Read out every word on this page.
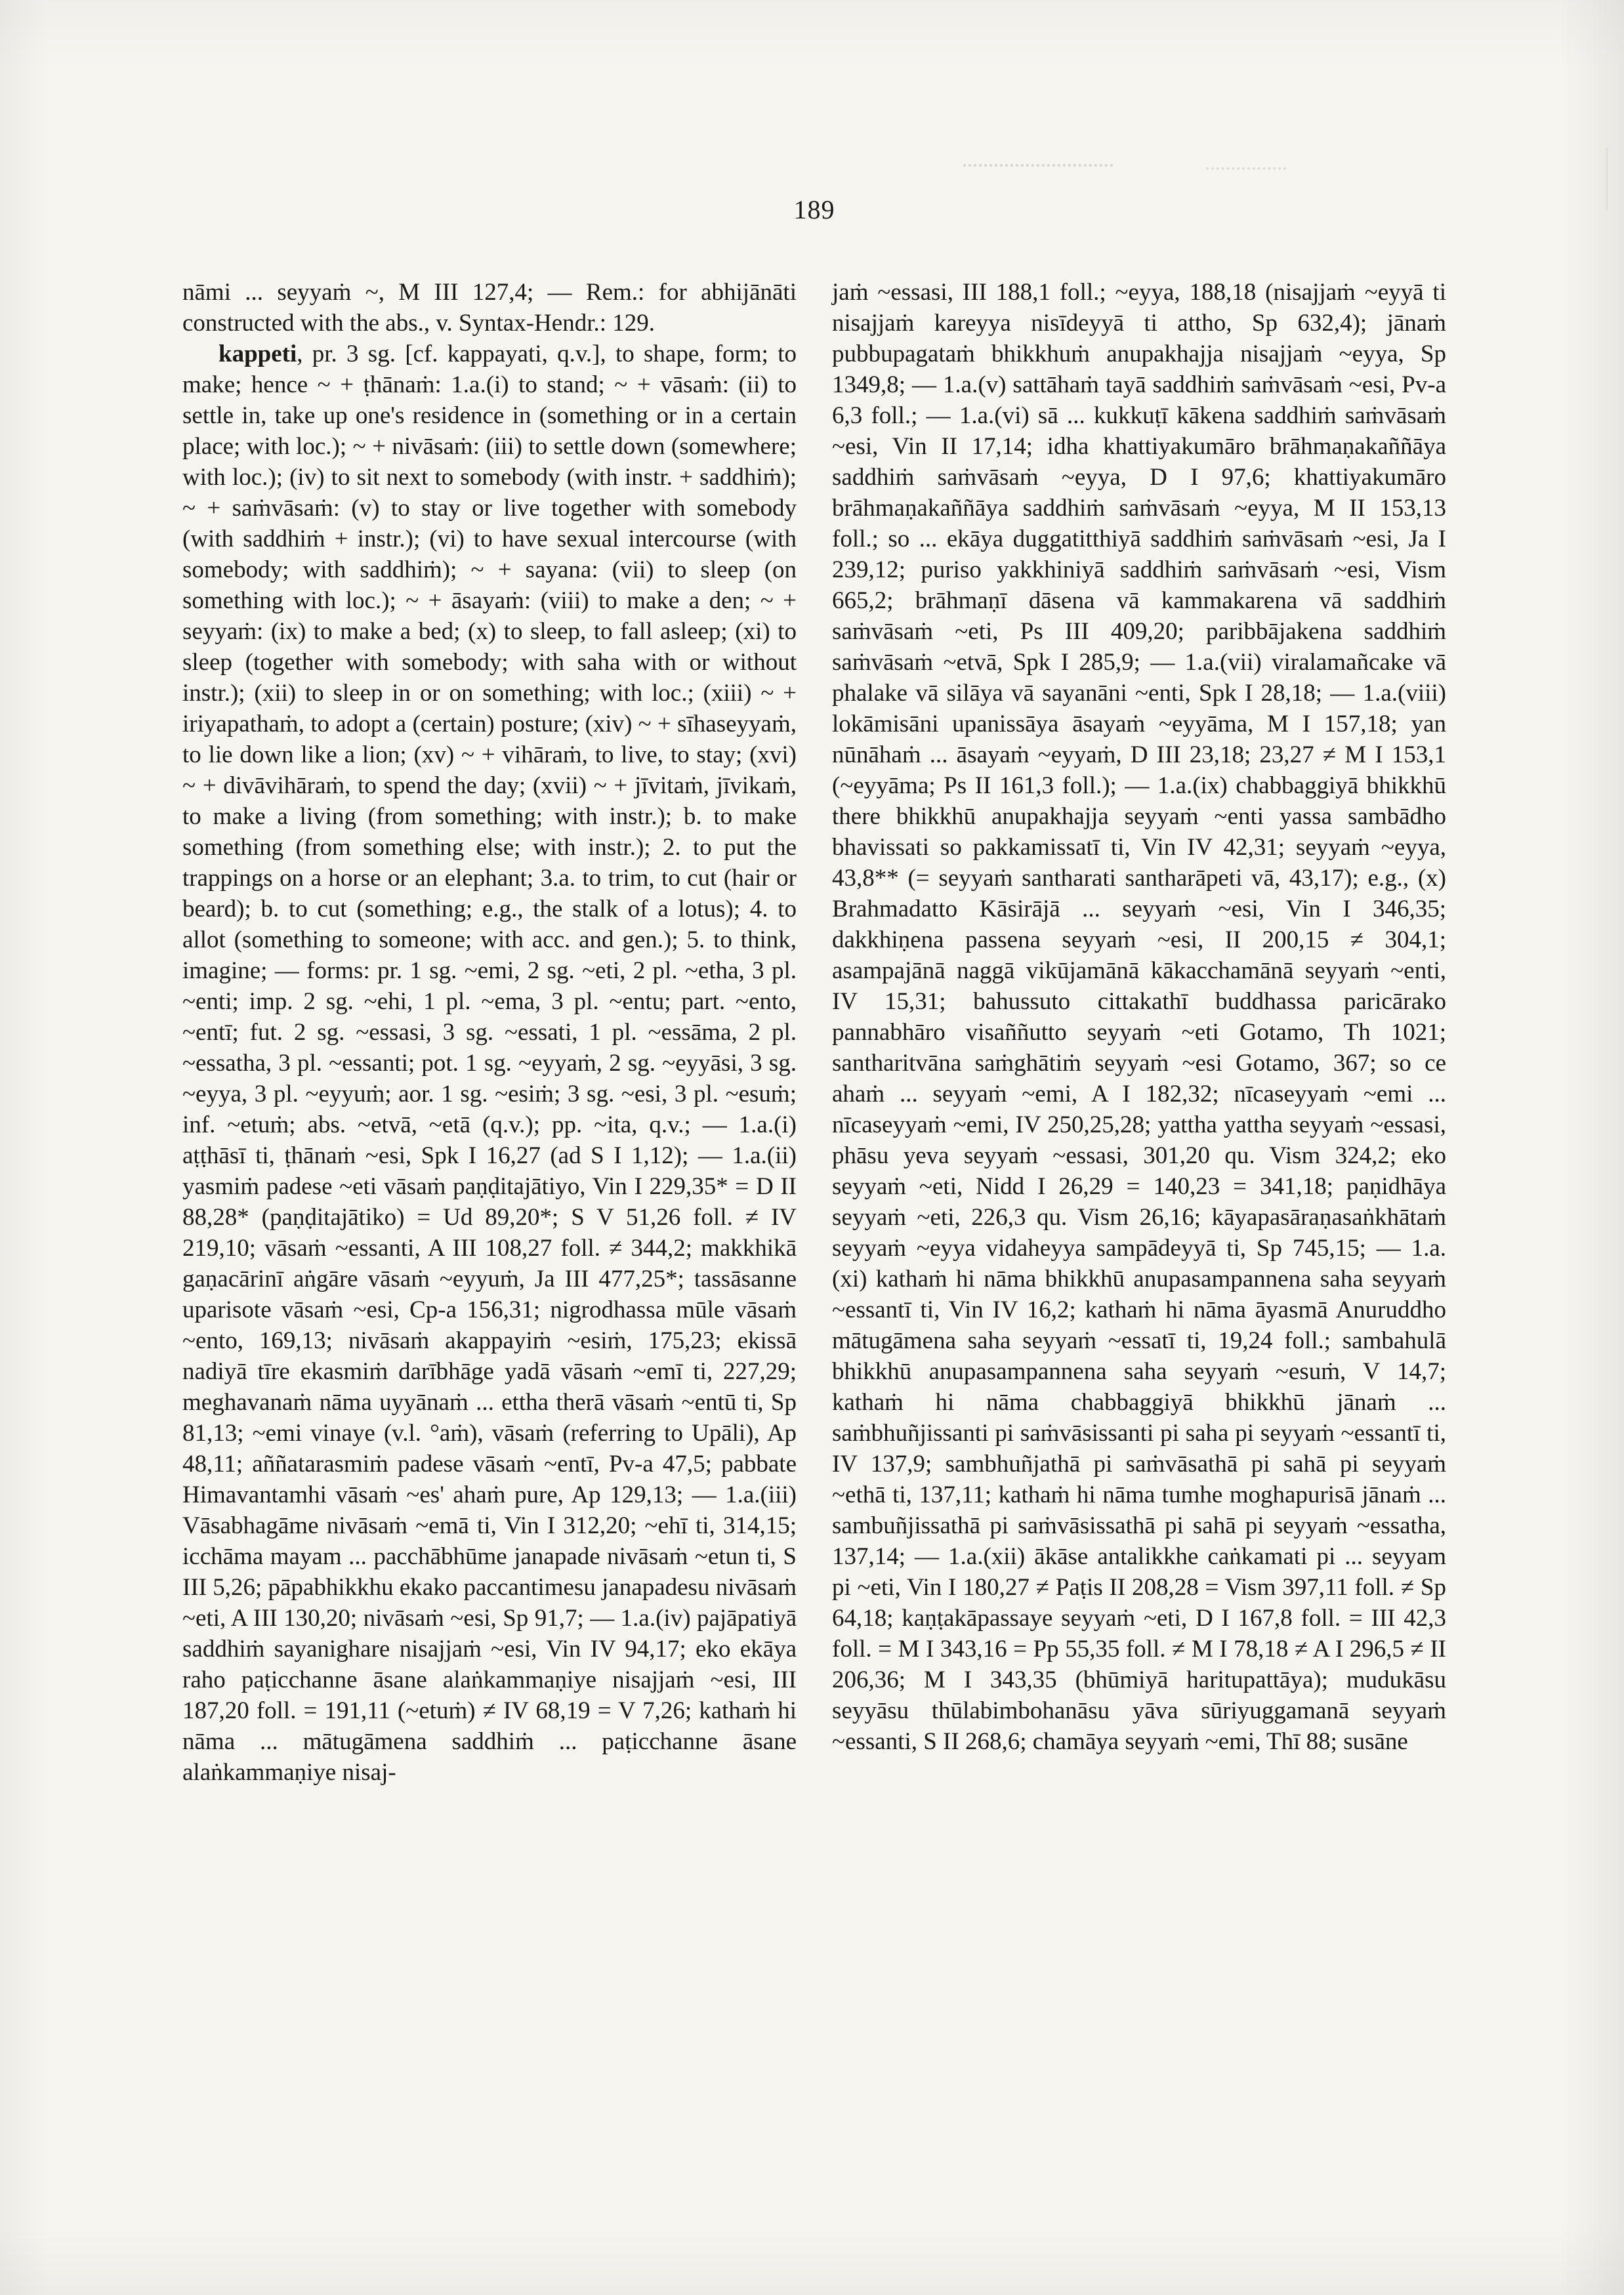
189

nāmi ... seyyaṁ ~, M III 127,4; — Rem.: for abhijānāti constructed with the abs., v. Syntax-Hendr.: 129.

kappeti, pr. 3 sg. [cf. kappayati, q.v.], to shape, form; to make; hence ~ + ṭhānaṁ: 1.a.(i) to stand; ~ + vāsaṁ: (ii) to settle in, take up one's residence in (something or in a certain place; with loc.); ~ + nivāsaṁ: (iii) to settle down (somewhere; with loc.); (iv) to sit next to somebody (with instr. + saddhiṁ); ~ + saṁvāsaṁ: (v) to stay or live together with somebody (with saddhiṁ + instr.); (vi) to have sexual intercourse (with somebody; with saddhiṁ); ~ + sayana: (vii) to sleep (on something with loc.); ~ + āsayaṁ: (viii) to make a den; ~ + seyyaṁ: (ix) to make a bed; (x) to sleep, to fall asleep; (xi) to sleep (together with somebody; with saha with or without instr.); (xii) to sleep in or on something; with loc.; (xiii) ~ + iriyapathaṁ, to adopt a (certain) posture; (xiv) ~ + sīhaseyyaṁ, to lie down like a lion; (xv) ~ + vihāraṁ, to live, to stay; (xvi) ~ + divāvihāraṁ, to spend the day; (xvii) ~ + jīvitaṁ, jīvikaṁ, to make a living (from something; with instr.); b. to make something (from something else; with instr.); 2. to put the trappings on a horse or an elephant; 3.a. to trim, to cut (hair or beard); b. to cut (something; e.g., the stalk of a lotus); 4. to allot (something to someone; with acc. and gen.); 5. to think, imagine; — forms: pr. 1 sg. ~emi, 2 sg. ~eti, 2 pl. ~etha, 3 pl. ~enti; imp. 2 sg. ~ehi, 1 pl. ~ema, 3 pl. ~entu; part. ~ento, ~entī; fut. 2 sg. ~essasi, 3 sg. ~essati, 1 pl. ~essāma, 2 pl. ~essatha, 3 pl. ~essanti; pot. 1 sg. ~eyyaṁ, 2 sg. ~eyyāsi, 3 sg. ~eyya, 3 pl. ~eyyuṁ; aor. 1 sg. ~esiṁ; 3 sg. ~esi, 3 pl. ~esuṁ; inf. ~etuṁ; abs. ~etvā, ~etā (q.v.); pp. ~ita, q.v.; — 1.a.(i) aṭṭhāsī ti, ṭhānaṁ ~esi, Spk I 16,27 (ad S I 1,12); — 1.a.(ii) yasmiṁ padese ~eti vāsaṁ paṇḍitajātiyo, Vin I 229,35* = D II 88,28* (paṇḍitajātiko) = Ud 89,20*; S V 51,26 foll. ≠ IV 219,10; vāsaṁ ~essanti, A III 108,27 foll. ≠ 344,2; makkhikā gaṇacārinī aṅgāre vāsaṁ ~eyyuṁ, Ja III 477,25*; tassāsanne uparisote vāsaṁ ~esi, Cp-a 156,31; nigrodhassa mūle vāsaṁ ~ento, 169,13; nivāsaṁ akappayiṁ ~esiṁ, 175,23; ekissā nadiyā tīre ekasmiṁ darībhāge yadā vāsaṁ ~emī ti, 227,29; meghavanaṁ nāma uyyānaṁ ... ettha therā vāsaṁ ~entū ti, Sp 81,13; ~emi vinaye (v.l. °aṁ), vāsaṁ (referring to Upāli), Ap 48,11; aññatarasmiṁ padese vāsaṁ ~entī, Pv-a 47,5; pabbate Himavantamhi vāsaṁ ~es' ahaṁ pure, Ap 129,13; — 1.a.(iii) Vāsabhagāme nivāsaṁ ~emā ti, Vin I 312,20; ~ehī ti, 314,15; icchāma mayam ... pacchābhūme janapade nivāsaṁ ~etun ti, S III 5,26; pāpabhikkhu ekako paccantimesu janapadesu nivāsaṁ ~eti, A III 130,20; nivāsaṁ ~esi, Sp 91,7; — 1.a.(iv) pajāpatiyā saddhiṁ sayanighare nisajjaṁ ~esi, Vin IV 94,17; eko ekāya raho paṭicchanne āsane alaṅkammaṇiye nisajjaṁ ~esi, III 187,20 foll. = 191,11 (~etuṁ) ≠ IV 68,19 = V 7,26; kathaṁ hi nāma ... mātugāmena saddhiṁ ... paṭicchanne āsane alaṅkammaṇiye nisaj-

jaṁ ~essasi, III 188,1 foll.; ~eyya, 188,18 (nisajjaṁ ~eyyā ti nisajjaṁ kareyya nisīdeyyā ti attho, Sp 632,4); jānaṁ pubbupagataṁ bhikkhuṁ anupakhajja nisajjaṁ ~eyya, Sp 1349,8; — 1.a.(v) sattāhaṁ tayā saddhiṁ saṁvāsaṁ ~esi, Pv-a 6,3 foll.; — 1.a.(vi) sā ... kukkuṭī kākena saddhiṁ saṁvāsaṁ ~esi, Vin II 17,14; idha khattiyakumāro brāhmaṇakaññāya saddhiṁ saṁvāsaṁ ~eyya, D I 97,6; khattiyakumāro brāhmaṇakaññāya saddhiṁ saṁvāsaṁ ~eyya, M II 153,13 foll.; so ... ekāya duggatitthiyā saddhiṁ saṁvāsaṁ ~esi, Ja I 239,12; puriso yakkhiniyā saddhiṁ saṁvāsaṁ ~esi, Vism 665,2; brāhmaṇī dāsena vā kammakarena vā saddhiṁ saṁvāsaṁ ~eti, Ps III 409,20; paribbājakena saddhiṁ saṁvāsaṁ ~etvā, Spk I 285,9; — 1.a.(vii) viralamañcake vā phalake vā silāya vā sayanāni ~enti, Spk I 28,18; — 1.a.(viii) lokāmisāni upanissāya āsayaṁ ~eyyāma, M I 157,18; yan nūnāhaṁ ... āsayaṁ ~eyyaṁ, D III 23,18; 23,27 ≠ M I 153,1 (~eyyāma; Ps II 161,3 foll.); — 1.a.(ix) chabbaggiyā bhikkhū there bhikkhū anupakhajja seyyaṁ ~enti yassa sambādho bhavissati so pakkamissatī ti, Vin IV 42,31; seyyaṁ ~eyya, 43,8** (= seyyaṁ santharati santharāpeti vā, 43,17); e.g., (x) Brahmadatto Kāsirājā ... seyyaṁ ~esi, Vin I 346,35; dakkhiṇena passena seyyaṁ ~esi, II 200,15 ≠ 304,1; asampajānā naggā vikūjamānā kākacchamānā seyyaṁ ~enti, IV 15,31; bahussuto cittakathī buddhassa paricārako pannabhāro visaññutto seyyaṁ ~eti Gotamo, Th 1021; santharitvāna saṁghātiṁ seyyaṁ ~esi Gotamo, 367; so ce ahaṁ ... seyyaṁ ~emi, A I 182,32; nīcaseyyaṁ ~emi ... nīcaseyyaṁ ~emi, IV 250,25,28; yattha yattha seyyaṁ ~essasi, phāsu yeva seyyaṁ ~essasi, 301,20 qu. Vism 324,2; eko seyyaṁ ~eti, Nidd I 26,29 = 140,23 = 341,18; paṇidhāya seyyaṁ ~eti, 226,3 qu. Vism 26,16; kāyapasāraṇasaṅkhātaṁ seyyaṁ ~eyya vidaheyya sampādeyyā ti, Sp 745,15; — 1.a.(xi) kathaṁ hi nāma bhikkhū anupasampannena saha seyyaṁ ~essantī ti, Vin IV 16,2; kathaṁ hi nāma āyasmā Anuruddho mātugāmena saha seyyaṁ ~essatī ti, 19,24 foll.; sambahulā bhikkhū anupasampannena saha seyyaṁ ~esuṁ, V 14,7; kathaṁ hi nāma chabbaggiyā bhikkhū jānaṁ ... saṁbhuñjissanti pi saṁvāsissanti pi saha pi seyyaṁ ~essantī ti, IV 137,9; sambhuñjathā pi saṁvāsathā pi sahā pi seyyaṁ ~ethā ti, 137,11; kathaṁ hi nāma tumhe moghapurisā jānaṁ ... sambuñjissathā pi saṁvāsissathā pi sahā pi seyyaṁ ~essatha, 137,14; — 1.a.(xii) ākāse antalikkhe caṅkamati pi ... seyyam pi ~eti, Vin I 180,27 ≠ Paṭis II 208,28 = Vism 397,11 foll. ≠ Sp 64,18; kaṇṭakāpassaye seyyaṁ ~eti, D I 167,8 foll. = III 42,3 foll. = M I 343,16 = Pp 55,35 foll. ≠ M I 78,18 ≠ A I 296,5 ≠ II 206,36; M I 343,35 (bhūmiyā haritupattāya); mudukāsu seyyāsu thūlabimbohanāsu yāva sūriyuggamanā seyyaṁ ~essanti, S II 268,6; chamāya seyyaṁ ~emi, Thī 88; susāne
